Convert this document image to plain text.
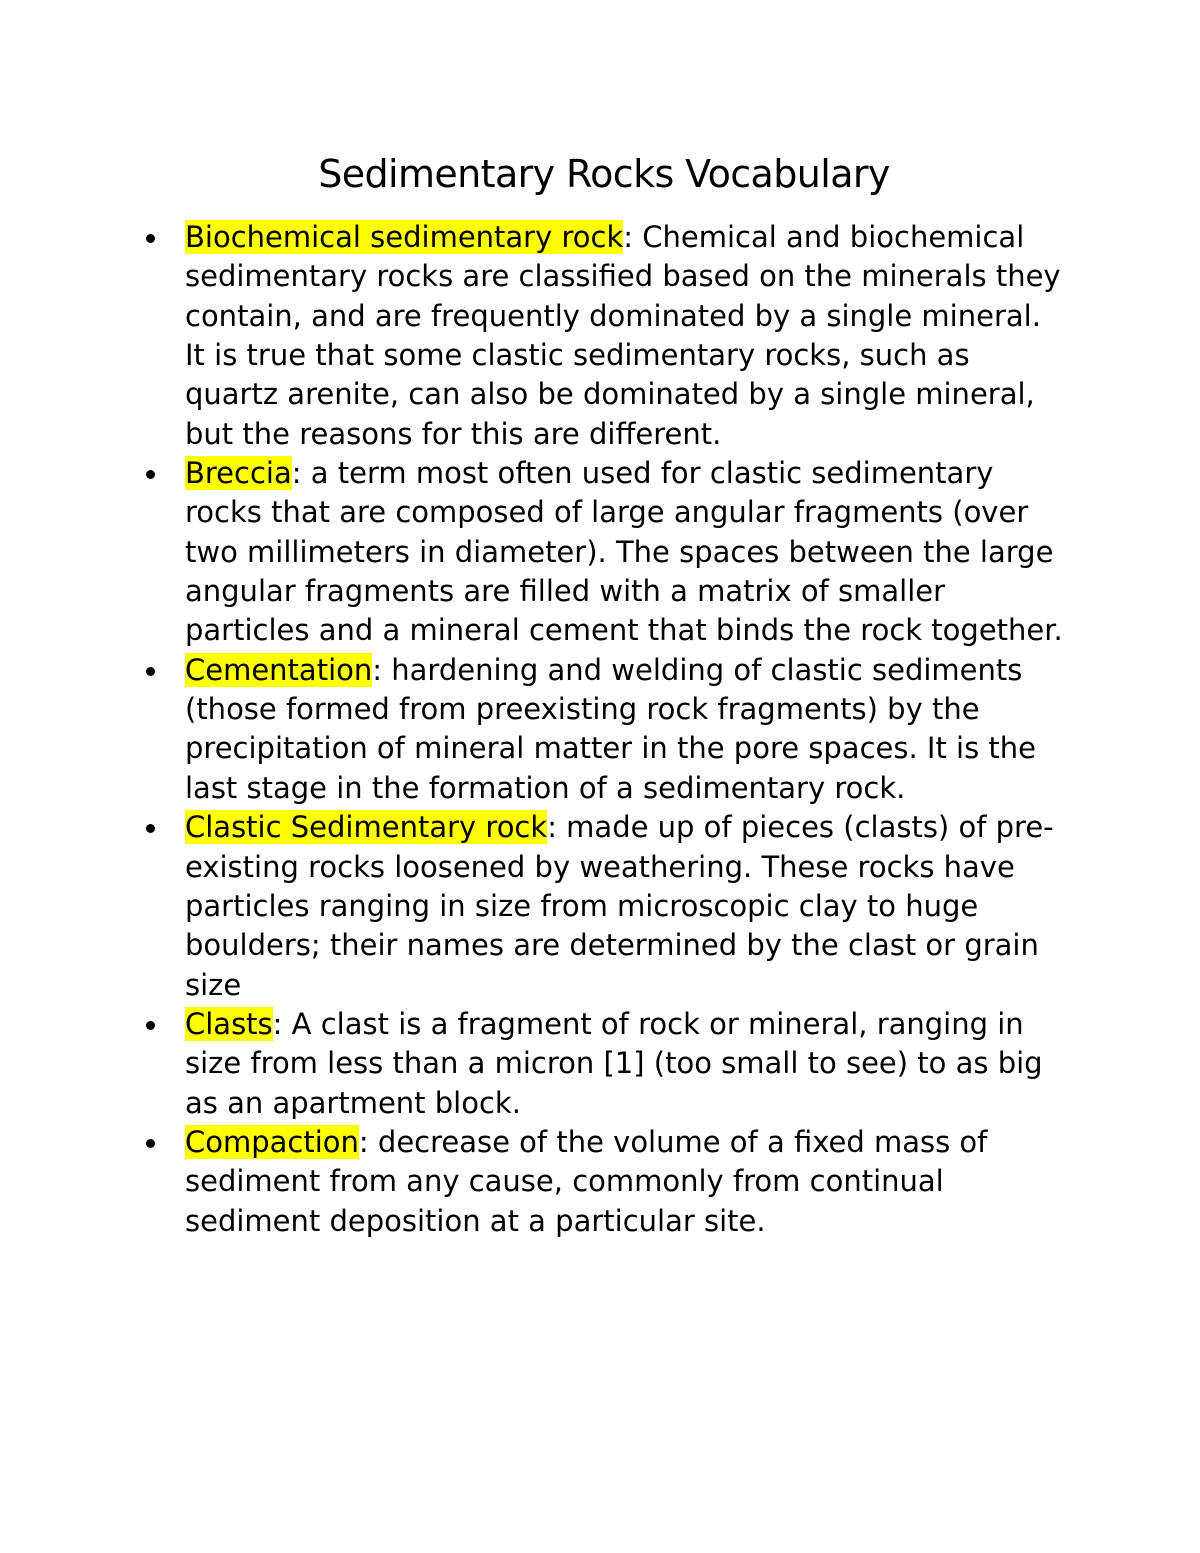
Sedimentary Rocks Vocabulary
Biochemical sedimentary rock: Chemical and biochemical sedimentary rocks are classified based on the minerals they contain, and are frequently dominated by a single mineral. It is true that some clastic sedimentary rocks, such as quartz arenite, can also be dominated by a single mineral, but the reasons for this are different.
Breccia: a term most often used for clastic sedimentary rocks that are composed of large angular fragments (over two millimeters in diameter). The spaces between the large angular fragments are filled with a matrix of smaller particles and a mineral cement that binds the rock together.
Cementation: hardening and welding of clastic sediments (those formed from preexisting rock fragments) by the precipitation of mineral matter in the pore spaces. It is the last stage in the formation of a sedimentary rock.
Clastic Sedimentary rock: made up of pieces (clasts) of pre-existing rocks loosened by weathering. These rocks have particles ranging in size from microscopic clay to huge boulders; their names are determined by the clast or grain size
Clasts: A clast is a fragment of rock or mineral, ranging in size from less than a micron [1] (too small to see) to as big as an apartment block.
Compaction: decrease of the volume of a fixed mass of sediment from any cause, commonly from continual sediment deposition at a particular site.
